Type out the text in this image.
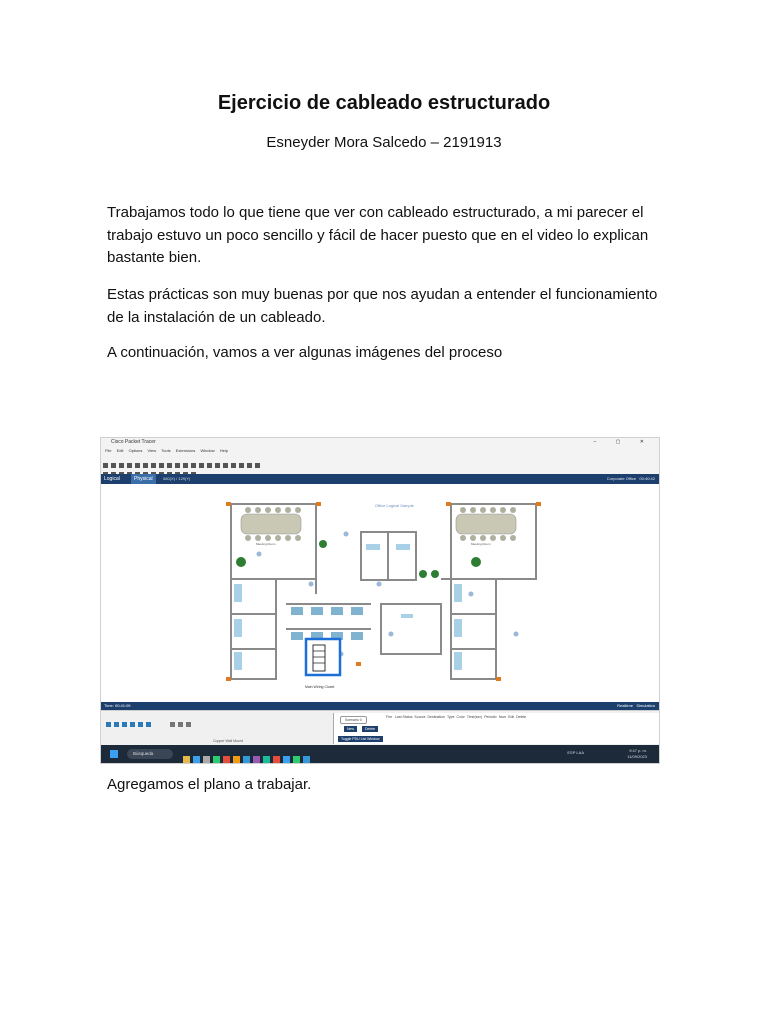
Ejercicio de cableado estructurado
Esneyder Mora Salcedo – 2191913
Trabajamos todo lo que tiene que ver con cableado estructurado, a mi parecer el trabajo estuvo un poco sencillo y fácil de hacer puesto que en el video lo explican bastante bien.
Estas prácticas son muy buenas por que nos ayudan a entender el funcionamiento de la instalación de un cableado.
A continuación, vamos a ver algunas imágenes del proceso
Cisco Packet Tracer	– ▢ ✕
File Edit Options View Tools Extensions Window Help
Logical	Physical	580(X) / 129(Y)	Corporate Office 00:40:42
Office Logical Sample
Meeting Room	Meeting Room
Main Wiring Closet
Time: 00:41:09	Realtime Simulation

Copper Wall Mount
Scenario 0
New	Delete
Toggle PDU List Window
Fire Last Status Source Destination Type Color Time(sec) Periodic Num Edit Delete
Búsqueda
9:47 p. m.
11/09/2023
ESP LAA
Agregamos el plano a trabajar.
